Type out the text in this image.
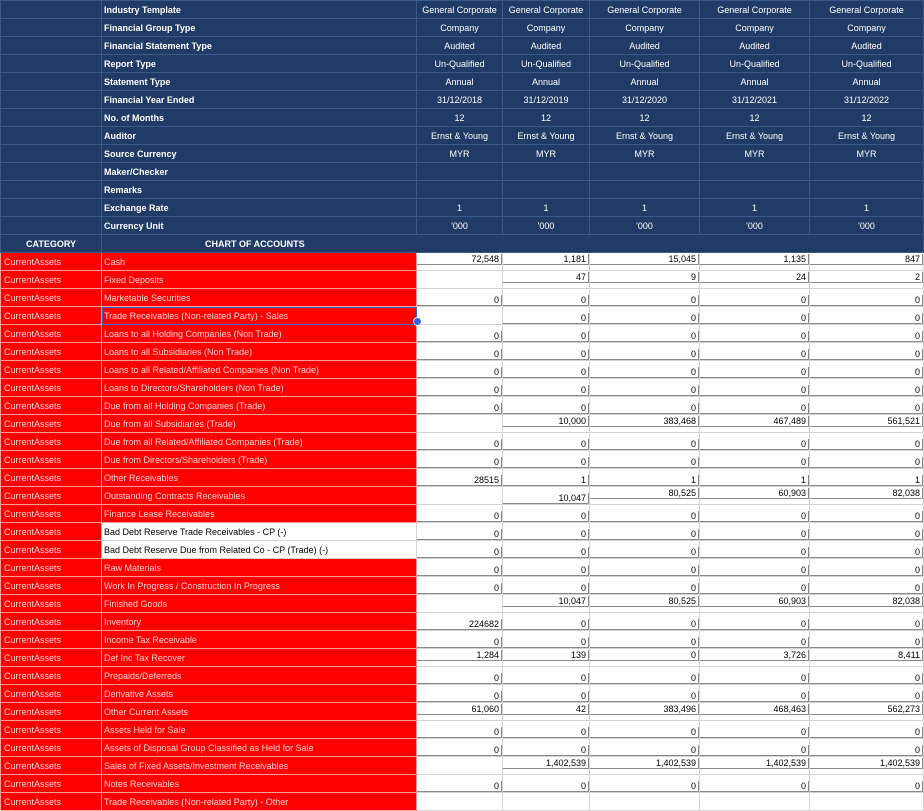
	Industry Template	General Corporate	General Corporate	General Corporate	General Corporate	General Corporate
	Financial Group Type	Company	Company	Company	Company	Company
	Financial Statement Type	Audited	Audited	Audited	Audited	Audited
	Report Type	Un-Qualified	Un-Qualified	Un-Qualified	Un-Qualified	Un-Qualified
	Statement Type	Annual	Annual	Annual	Annual	Annual
	Financial Year Ended	31/12/2018	31/12/2019	31/12/2020	31/12/2021	31/12/2022
	No. of Months	12	12	12	12	12
	Auditor	Ernst & Young	Ernst & Young	Ernst & Young	Ernst & Young	Ernst & Young
	Source Currency	MYR	MYR	MYR	MYR	MYR
	Maker/Checker					
	Remarks					
	Exchange Rate	1	1	1	1	1
	Currency Unit	'000	'000	'000	'000	'000
CATEGORY	CHART OF ACCOUNTS					
CurrentAssets	Cash	72,548	1,181	15,045	1,135	847

CurrentAssets	Fixed Deposits		47	9	24	2

CurrentAssets	Marketable Securities	0	0	0	0	0

CurrentAssets	Trade Receivables (Non-related Party) - Sales		0	0	0	0

CurrentAssets	Loans to all Holding Companies (Non Trade)	0	0	0	0	0

CurrentAssets	Loans to all Subsidiaries (Non Trade)	0	0	0	0	0

CurrentAssets	Loans to all Related/Affiliated Companies (Non Trade)	0	0	0	0	0

CurrentAssets	Loans to Directors/Shareholders (Non Trade)	0	0	0	0	0

CurrentAssets	Due from all Holding Companies (Trade)	0	0	0	0	0

CurrentAssets	Due from all Subsidiaries (Trade)		10,000	383,468	467,489	561,521

CurrentAssets	Due from all Related/Affiliated Companies (Trade)	0	0	0	0	0

CurrentAssets	Due from Directors/Shareholders (Trade)	0	0	0	0	0

CurrentAssets	Other Receivables	28515	1	1	1	1

CurrentAssets	Outstanding Contracts Receivables		10,047	80,525	60,903	82,038

CurrentAssets	Finance Lease Receivables	0	0	0	0	0

CurrentAssets	Bad Debt Reserve Trade Receivables - CP (-)	0	0	0	0	0

CurrentAssets	Bad Debt Reserve Due from Related Co - CP (Trade) (-)	0	0	0	0	0

CurrentAssets	Raw Materials	0	0	0	0	0

CurrentAssets	Work In Progress / Construction In Progress	0	0	0	0	0

CurrentAssets	Finished Goods		10,047	80,525	60,903	82,038

CurrentAssets	Inventory	224682	0	0	0	0

CurrentAssets	Income Tax Receivable	0	0	0	0	0

CurrentAssets	Def Inc Tax Recover	1,284	139	0	3,726	8,411

CurrentAssets	Prepaids/Deferreds	0	0	0	0	0

CurrentAssets	Derivative Assets	0	0	0	0	0

CurrentAssets	Other Current Assets	61,060	42	383,496	468,463	562,273

CurrentAssets	Assets Held for Sale	0	0	0	0	0

CurrentAssets	Assets of Disposal Group Classified as Held for Sale	0	0	0	0	0

CurrentAssets	Sales of Fixed Assets/Investment Receivables		1,402,539	1,402,539	1,402,539	1,402,539

CurrentAssets	Notes Receivables	0	0	0	0	0

CurrentAssets	Trade Receivables (Non-related Party) - Other					
